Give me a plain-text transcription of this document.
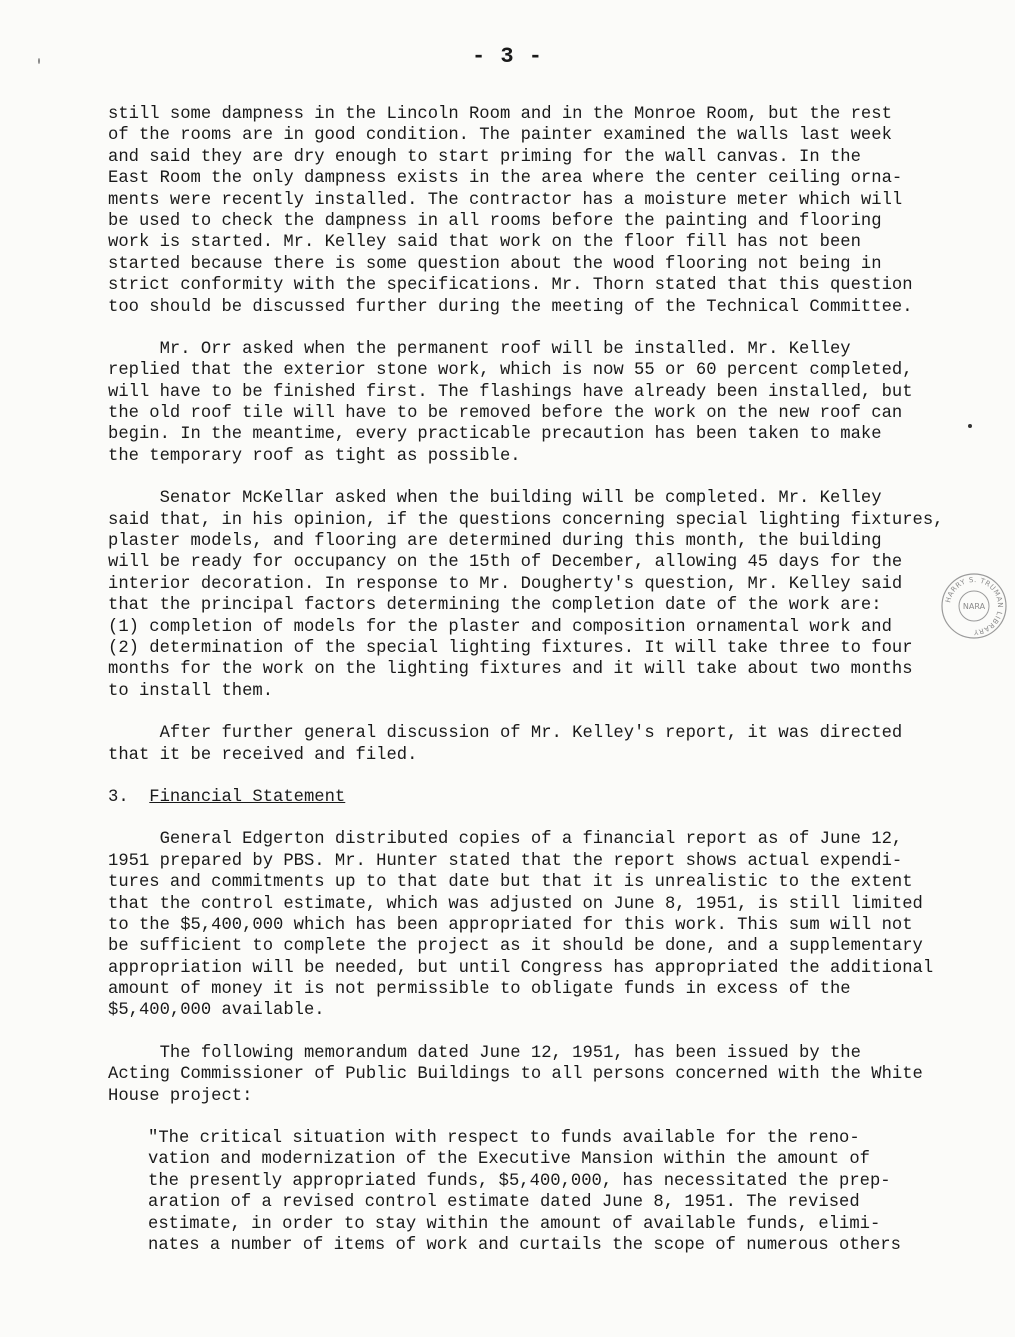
- 3 -
still some dampness in the Lincoln Room and in the Monroe Room, but the rest
of the rooms are in good condition. The painter examined the walls last week
and said they are dry enough to start priming for the wall canvas. In the
East Room the only dampness exists in the area where the center ceiling orna-
ments were recently installed. The contractor has a moisture meter which will
be used to check the dampness in all rooms before the painting and flooring
work is started. Mr. Kelley said that work on the floor fill has not been
started because there is some question about the wood flooring not being in
strict conformity with the specifications. Mr. Thorn stated that this question
too should be discussed further during the meeting of the Technical Committee.
Mr. Orr asked when the permanent roof will be installed. Mr. Kelley
replied that the exterior stone work, which is now 55 or 60 percent completed,
will have to be finished first. The flashings have already been installed, but
the old roof tile will have to be removed before the work on the new roof can
begin. In the meantime, every practicable precaution has been taken to make
the temporary roof as tight as possible.
Senator McKellar asked when the building will be completed. Mr. Kelley
said that, in his opinion, if the questions concerning special lighting fixtures,
plaster models, and flooring are determined during this month, the building
will be ready for occupancy on the 15th of December, allowing 45 days for the
interior decoration. In response to Mr. Dougherty's question, Mr. Kelley said
that the principal factors determining the completion date of the work are:
(1) completion of models for the plaster and composition ornamental work and
(2) determination of the special lighting fixtures. It will take three to four
months for the work on the lighting fixtures and it will take about two months
to install them.
After further general discussion of Mr. Kelley's report, it was directed
that it be received and filed.
3. Financial Statement
General Edgerton distributed copies of a financial report as of June 12,
1951 prepared by PBS. Mr. Hunter stated that the report shows actual expendi-
tures and commitments up to that date but that it is unrealistic to the extent
that the control estimate, which was adjusted on June 8, 1951, is still limited
to the $5,400,000 which has been appropriated for this work. This sum will not
be sufficient to complete the project as it should be done, and a supplementary
appropriation will be needed, but until Congress has appropriated the additional
amount of money it is not permissible to obligate funds in excess of the
$5,400,000 available.
The following memorandum dated June 12, 1951, has been issued by the
Acting Commissioner of Public Buildings to all persons concerned with the White
House project:
"The critical situation with respect to funds available for the reno-
vation and modernization of the Executive Mansion within the amount of
the presently appropriated funds, $5,400,000, has necessitated the prep-
aration of a revised control estimate dated June 8, 1951. The revised
estimate, in order to stay within the amount of available funds, elimi-
nates a number of items of work and curtails the scope of numerous others
HARRY S. TRUMAN LIBRARY
NARA
